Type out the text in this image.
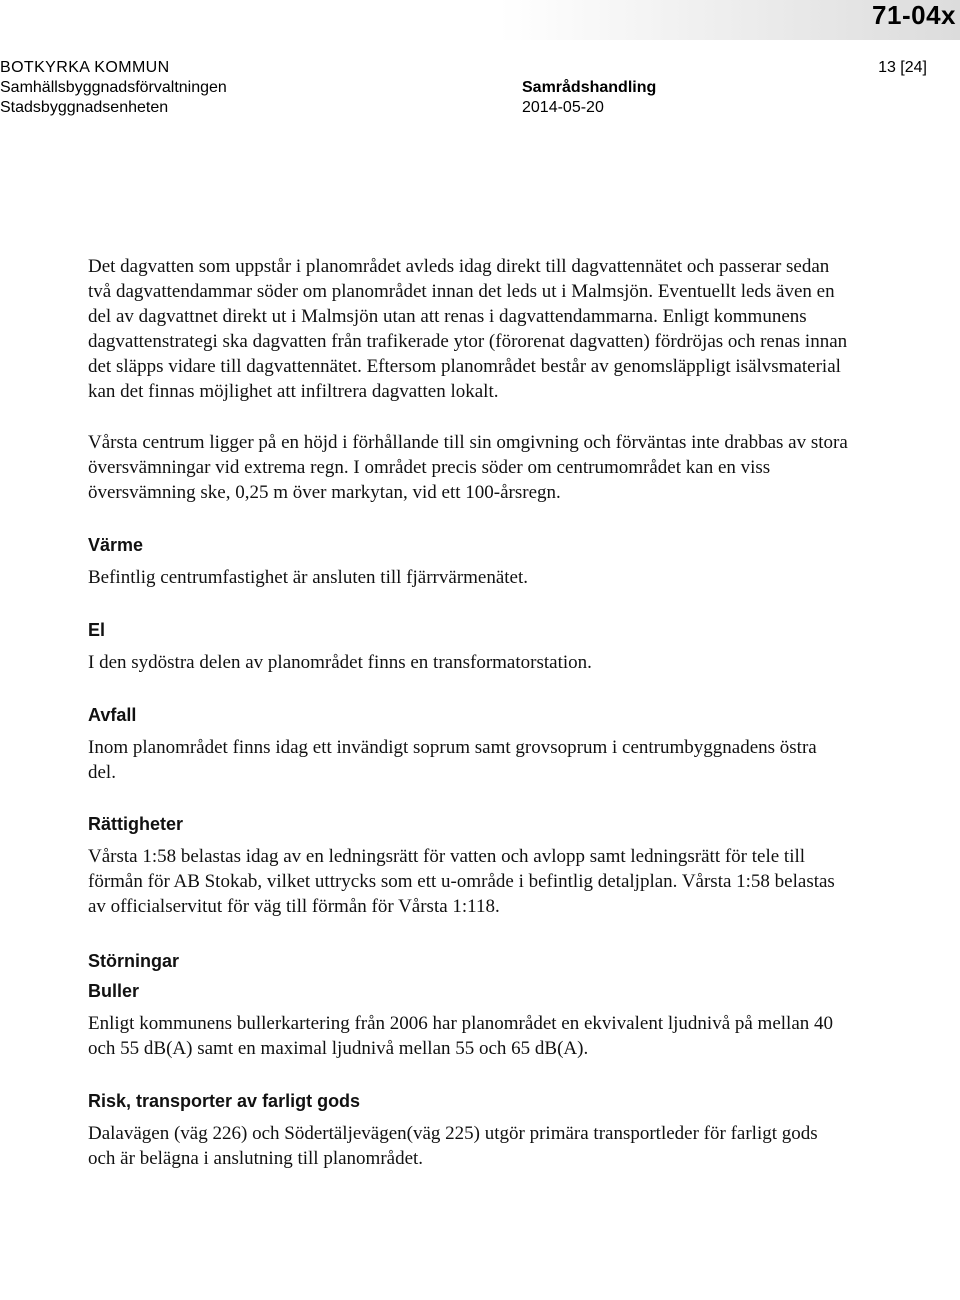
71-04x
BOTKYRKA KOMMUN
Samhällsbyggnadsförvaltningen
Stadsbyggnadsenheten
Samrådshandling
2014-05-20
13 [24]

Det dagvatten som uppstår i planområdet avleds idag direkt till dagvattennätet och passerar sedan två dagvattendammar söder om planområdet innan det leds ut i Malmsjön. Eventuellt leds även en del av dagvattnet direkt ut i Malmsjön utan att renas i dagvattendammarna. Enligt kommunens dagvattenstrategi ska dagvatten från trafikerade ytor (förorenat dagvatten) fördröjas och renas innan det släpps vidare till dagvattennätet. Eftersom planområdet består av genomsläppligt isälvsmaterial kan det finnas möjlighet att infiltrera dagvatten lokalt.

Vårsta centrum ligger på en höjd i förhållande till sin omgivning och förväntas inte drabbas av stora översvämningar vid extrema regn. I området precis söder om centrumområdet kan en viss översvämning ske, 0,25 m över markytan, vid ett 100-årsregn.

Värme

Befintlig centrumfastighet är ansluten till fjärrvärmenätet.

El

I den sydöstra delen av planområdet finns en transformatorstation.

Avfall

Inom planområdet finns idag ett invändigt soprum samt grovsoprum i centrumbyggnadens östra del.

Rättigheter

Vårsta 1:58 belastas idag av en ledningsrätt för vatten och avlopp samt ledningsrätt för tele till förmån för AB Stokab, vilket uttrycks som ett u-område i befintlig detaljplan. Vårsta 1:58 belastas av officialservitut för väg till förmån för Vårsta 1:118.

Störningar
Buller

Enligt kommunens bullerkartering från 2006 har planområdet en ekvivalent ljudnivå på mellan 40 och 55 dB(A) samt en maximal ljudnivå mellan 55 och 65 dB(A).

Risk, transporter av farligt gods

Dalavägen (väg 226) och Södertäljevägen(väg 225) utgör primära transportleder för farligt gods och är belägna i anslutning till planområdet.
